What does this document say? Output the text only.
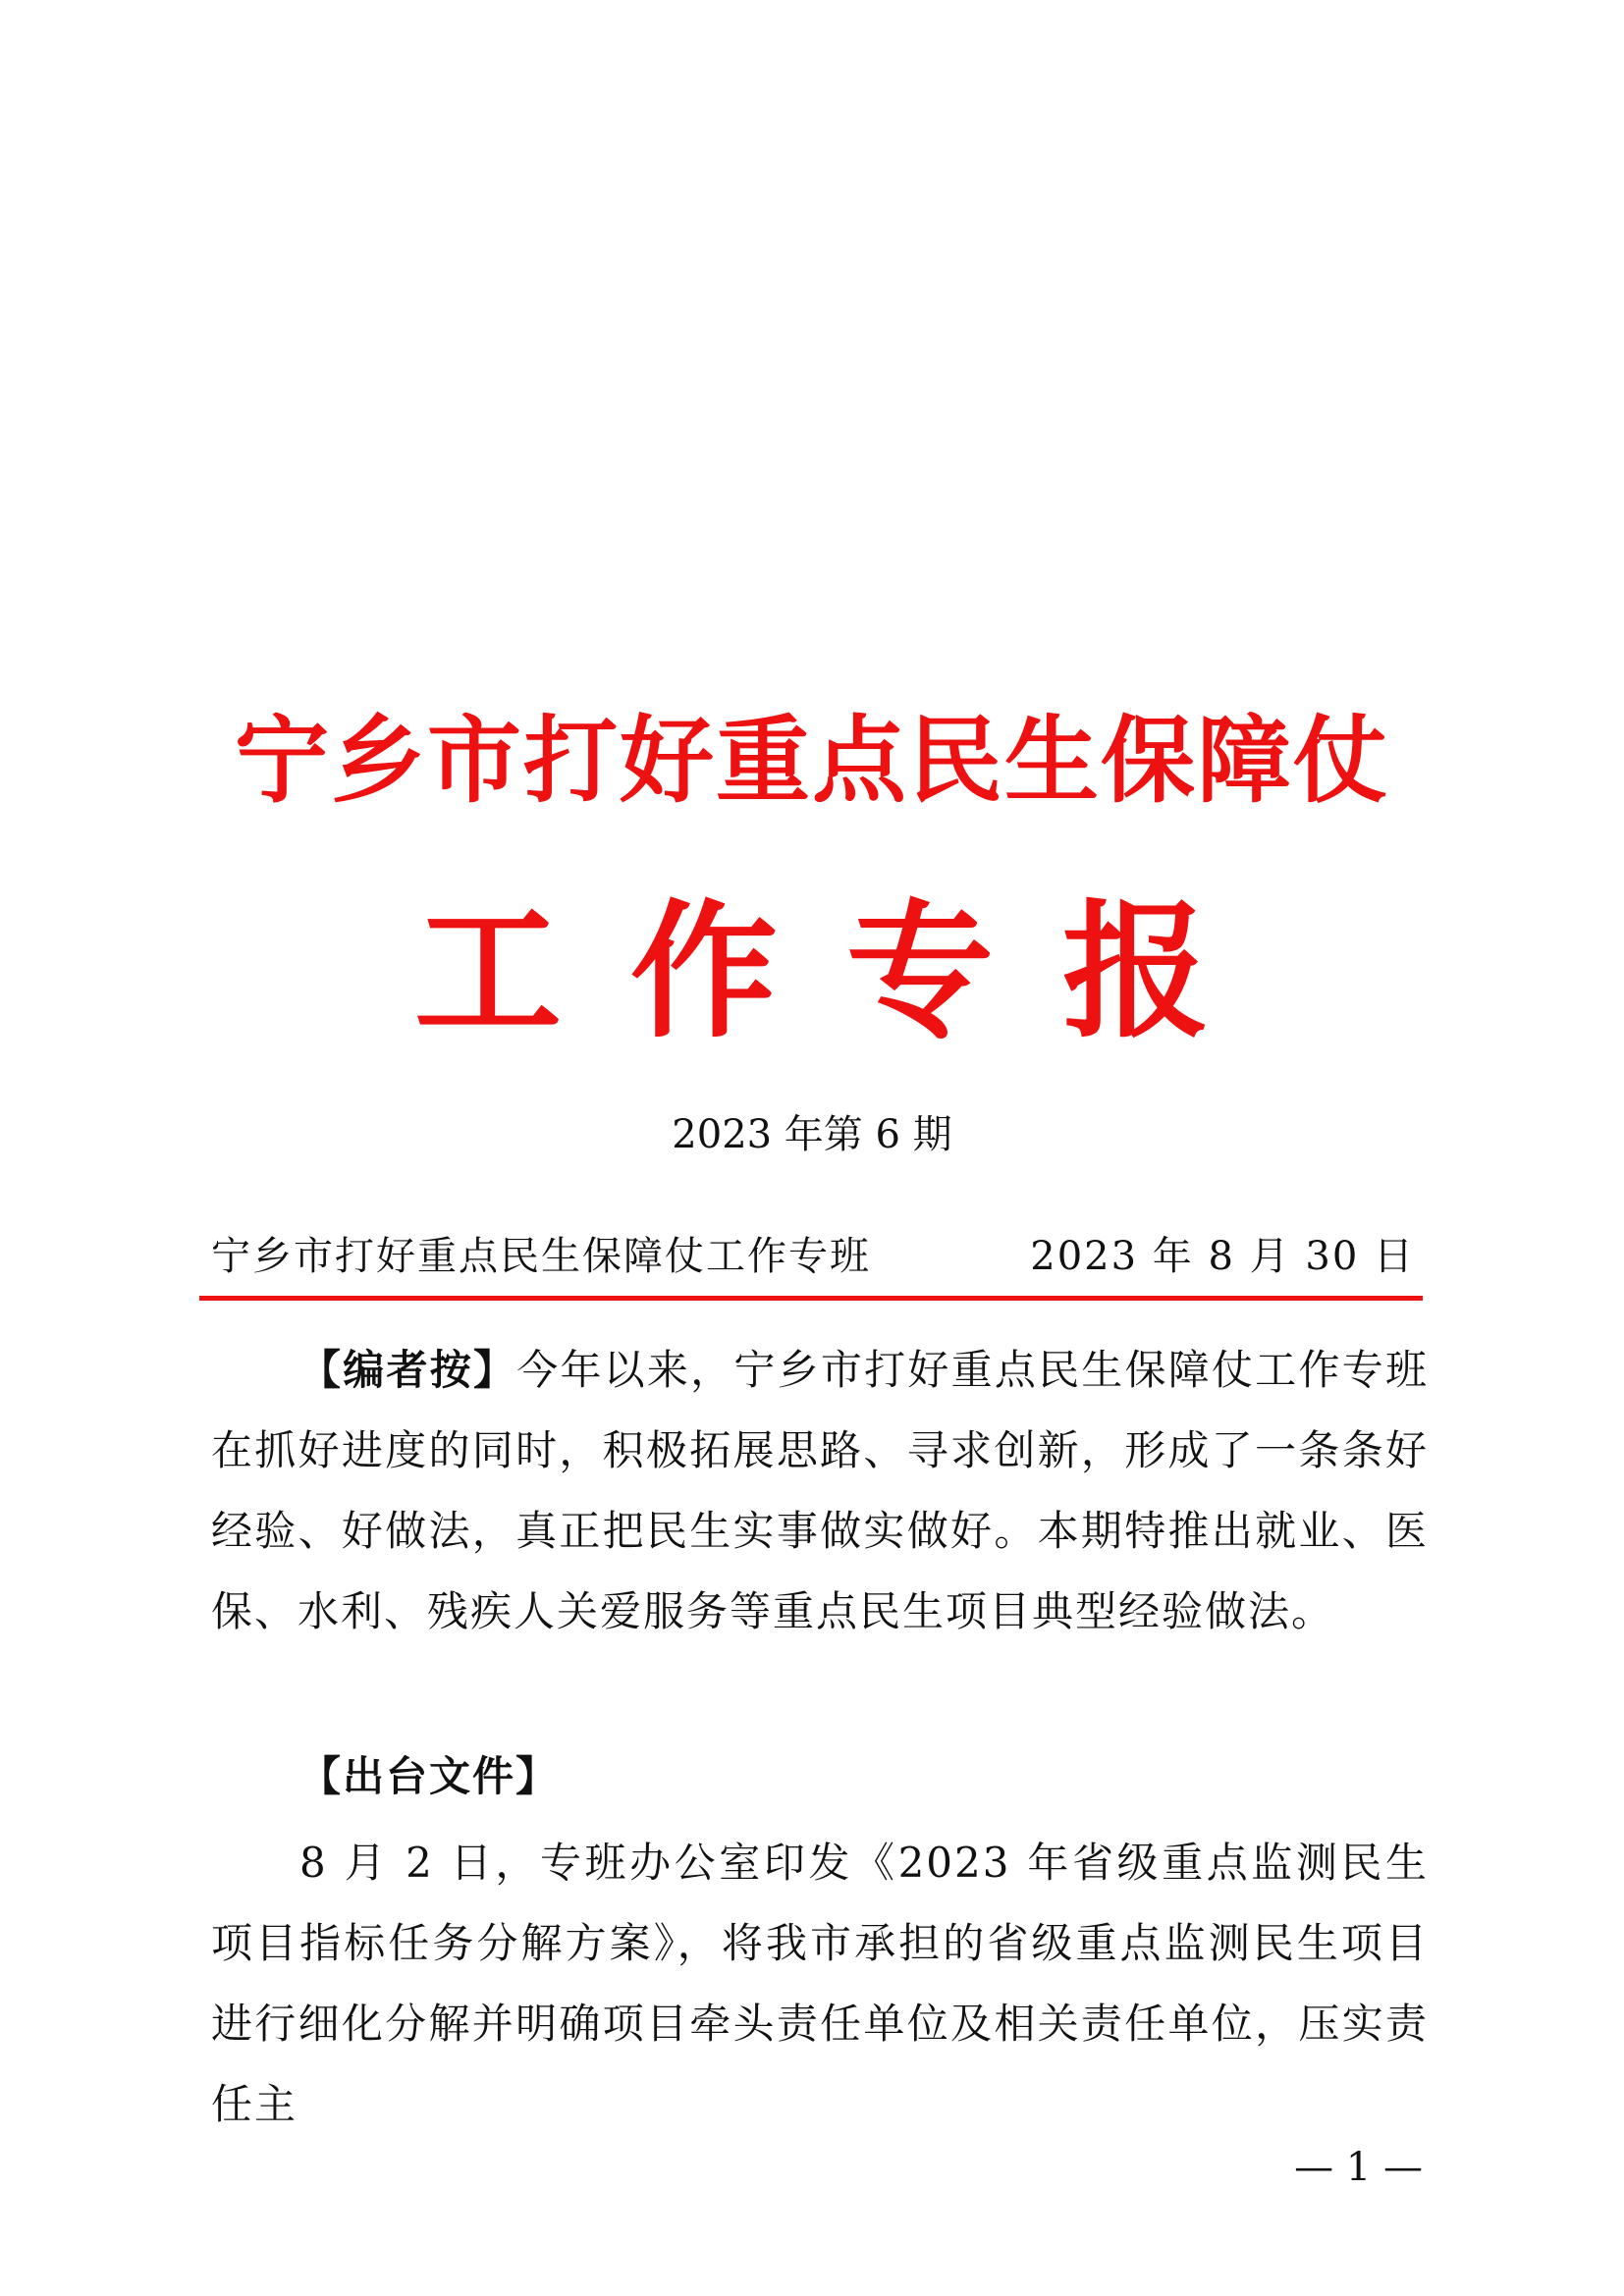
宁乡市打好重点民生保障仗
工作专报
2023 年第 6 期
宁乡市打好重点民生保障仗工作专班	2023 年 8 月 30 日
【编者按】今年以来，宁乡市打好重点民生保障仗工作专班在抓好进度的同时，积极拓展思路、寻求创新，形成了一条条好经验、好做法，真正把民生实事做实做好。本期特推出就业、医保、水利、残疾人关爱服务等重点民生项目典型经验做法。
【出台文件】
8 月 2 日，专班办公室印发《2023 年省级重点监测民生项目指标任务分解方案》，将我市承担的省级重点监测民生项目进行细化分解并明确项目牵头责任单位及相关责任单位，压实责任主
— 1 —
